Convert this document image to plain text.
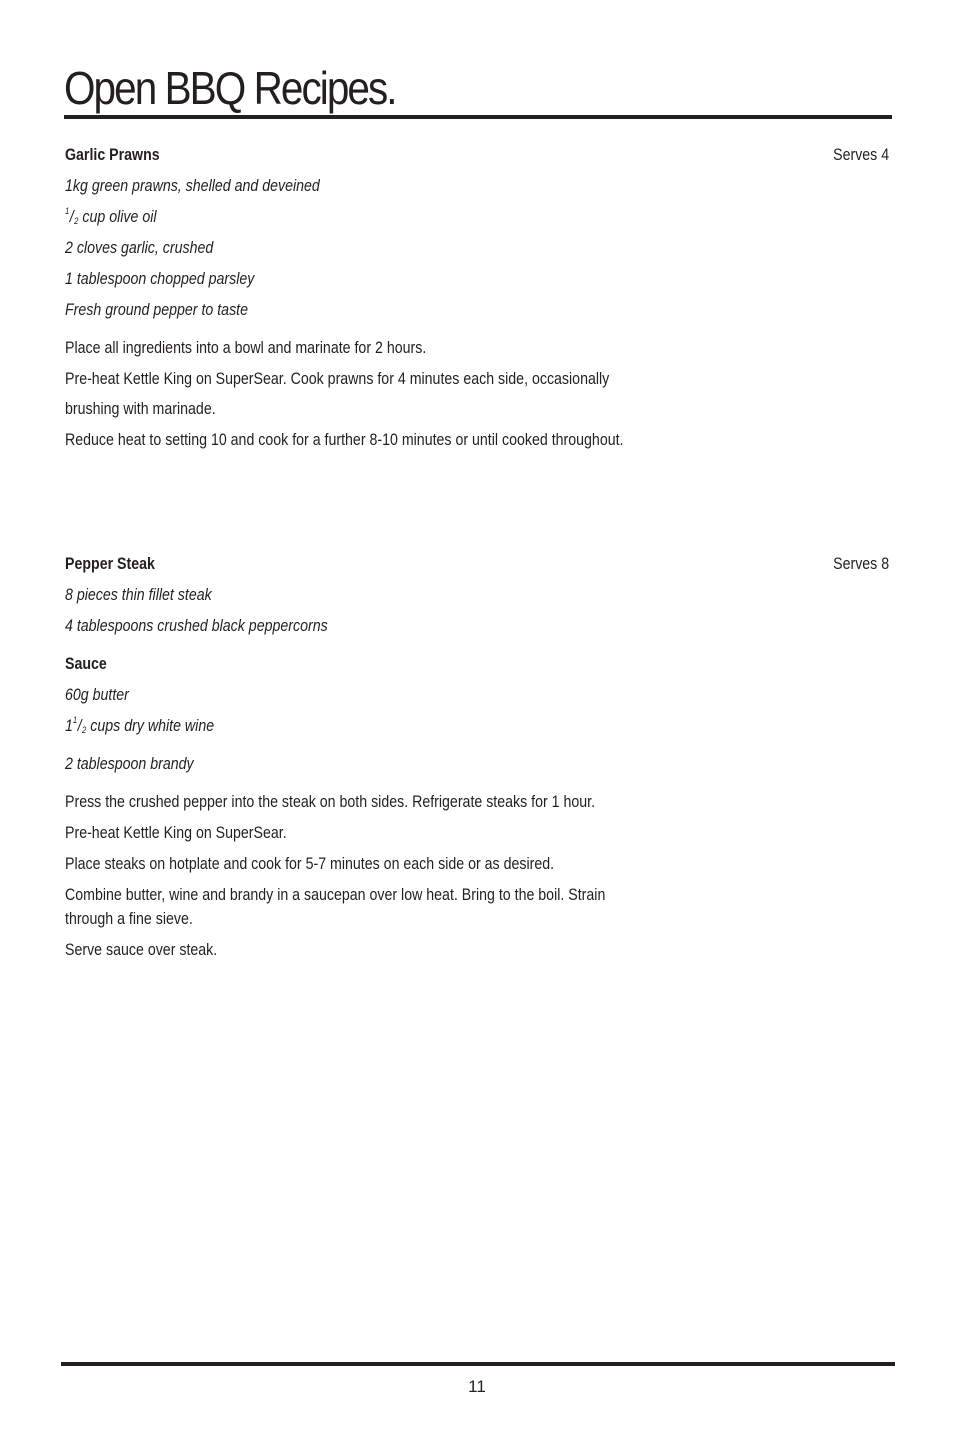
Open BBQ Recipes.
Garlic Prawns	Serves 4
1kg green prawns, shelled and deveined
$^1/_2$ cup olive oil
2 cloves garlic, crushed
1 tablespoon chopped parsley
Fresh ground pepper to taste
Place all ingredients into a bowl and marinate for 2 hours.
Pre-heat Kettle King on SuperSear. Cook prawns for 4 minutes each side, occasionally
brushing with marinade.
Reduce heat to setting 10 and cook for a further 8-10 minutes or until cooked throughout.
Pepper Steak	Serves 8
8 pieces thin fillet steak
4 tablespoons crushed black peppercorns
Sauce
60g butter
$1^1/_2$ cups dry white wine
2 tablespoon brandy
Press the crushed pepper into the steak on both sides. Refrigerate steaks for 1 hour.
Pre-heat Kettle King on SuperSear.
Place steaks on hotplate and cook for 5-7 minutes on each side or as desired.
Combine butter, wine and brandy in a saucepan over low heat. Bring to the boil. Strain
through a fine sieve.
Serve sauce over steak.
11
